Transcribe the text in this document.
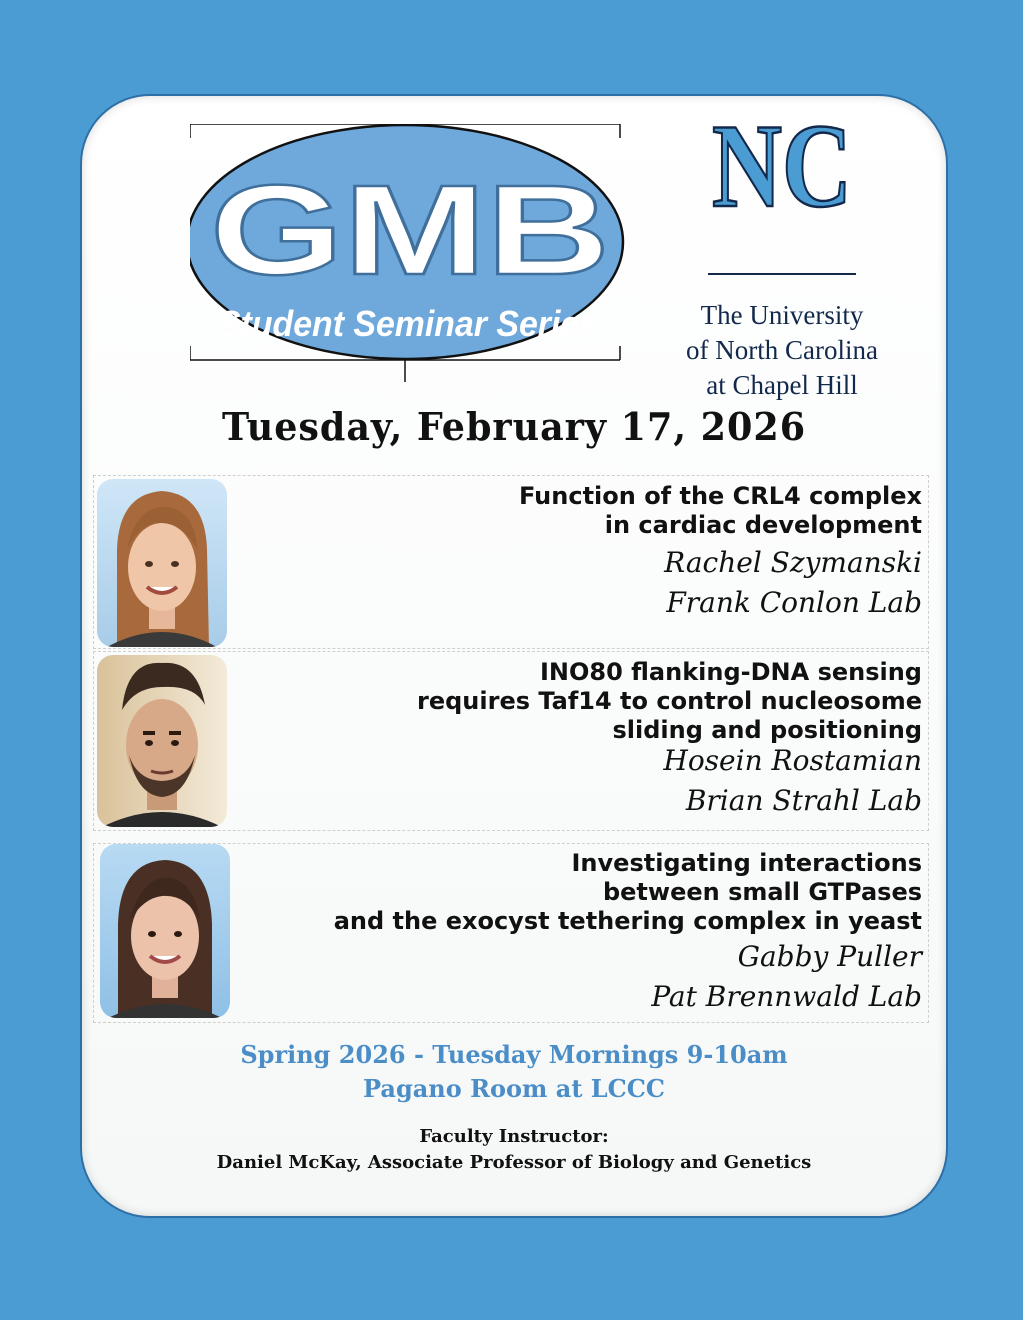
GMB
Student Seminar Series
NC
The University
of North Carolina
at Chapel Hill
Tuesday, February 17, 2026
Function of the CRL4 complex
in cardiac development
Rachel Szymanski
Frank Conlon Lab
INO80 flanking-DNA sensing
requires Taf14 to control nucleosome
sliding and positioning
Hosein Rostamian
Brian Strahl Lab
Investigating interactions
between small GTPases
and the exocyst tethering complex in yeast
Gabby Puller
Pat Brennwald Lab
Spring 2026 - Tuesday Mornings 9-10am
Pagano Room at LCCC
Faculty Instructor:
Daniel McKay, Associate Professor of Biology and Genetics
